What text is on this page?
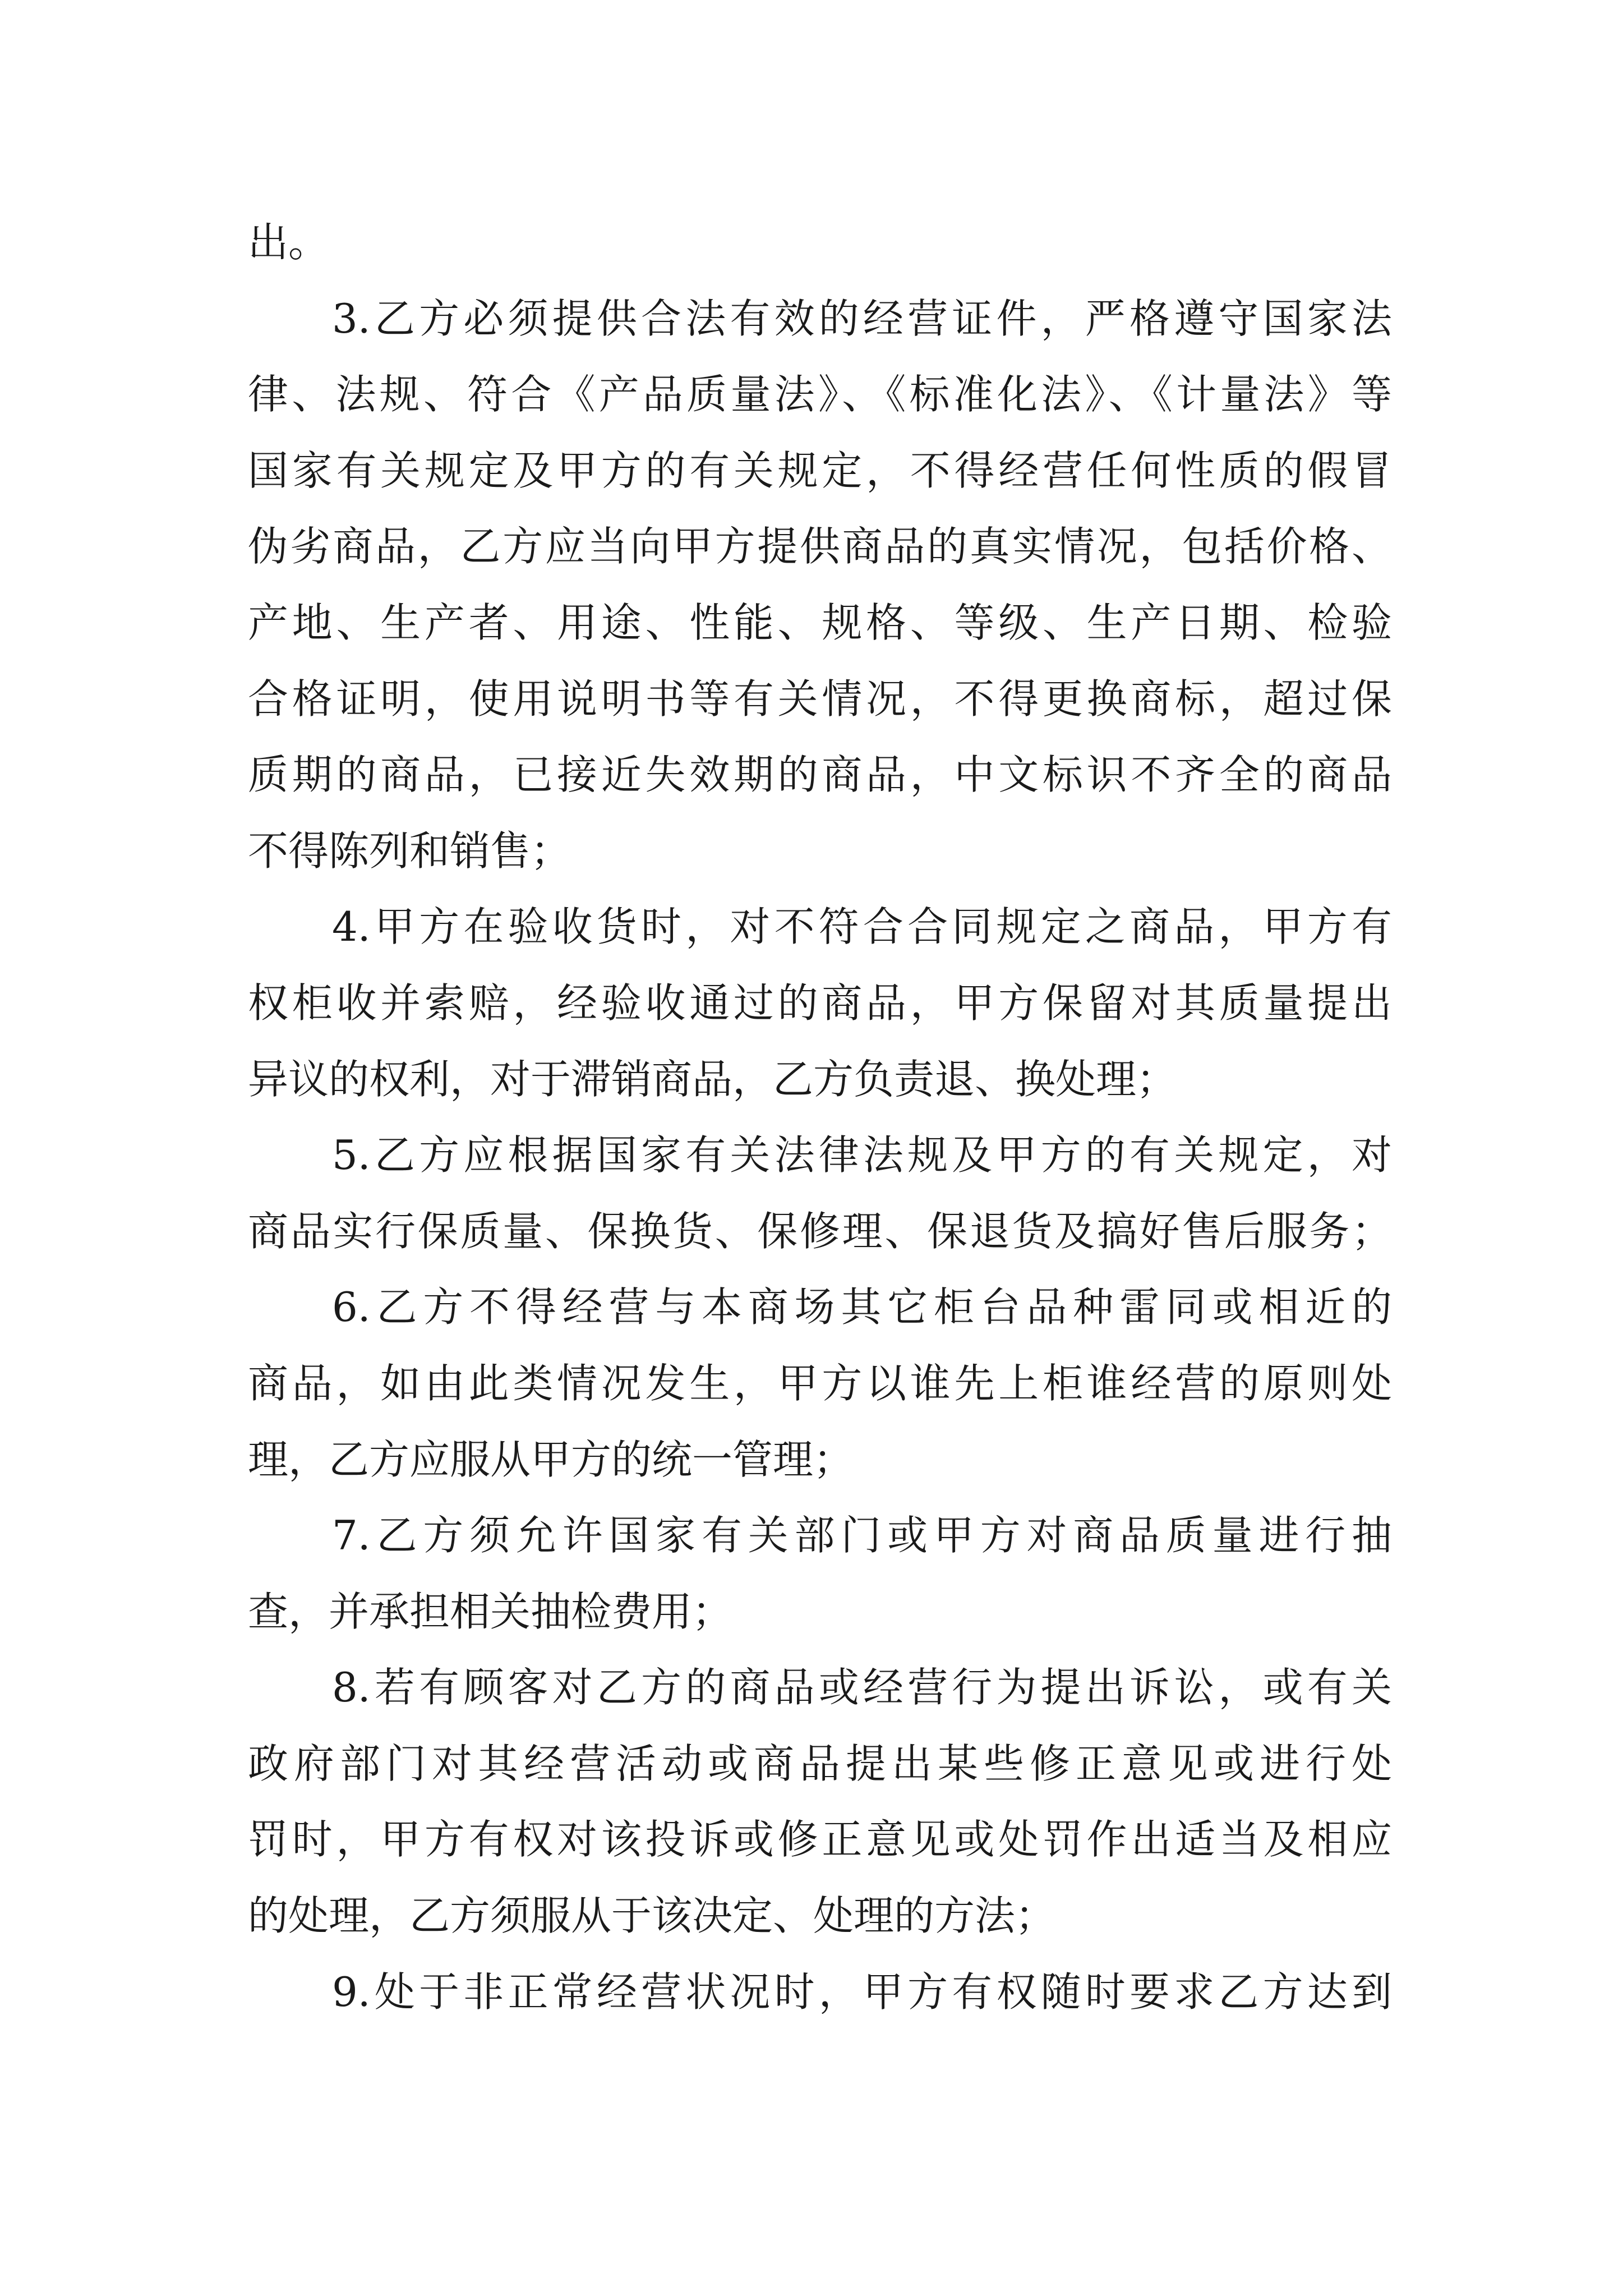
出。
3.乙方必须提供合法有效的经营证件，严格遵守国家法
律、法规、符合《产品质量法》、《标准化法》、《计量法》等
国家有关规定及甲方的有关规定，不得经营任何性质的假冒
伪劣商品，乙方应当向甲方提供商品的真实情况，包括价格、
产地、生产者、用途、性能、规格、等级、生产日期、检验
合格证明，使用说明书等有关情况，不得更换商标，超过保
质期的商品，已接近失效期的商品，中文标识不齐全的商品
不得陈列和销售；
4.甲方在验收货时，对不符合合同规定之商品，甲方有
权柜收并索赔，经验收通过的商品，甲方保留对其质量提出
异议的权利，对于滞销商品，乙方负责退、换处理；
5.乙方应根据国家有关法律法规及甲方的有关规定，对
商品实行保质量、保换货、保修理、保退货及搞好售后服务；
6.乙方不得经营与本商场其它柜台品种雷同或相近的
商品，如由此类情况发生，甲方以谁先上柜谁经营的原则处
理，乙方应服从甲方的统一管理；
7.乙方须允许国家有关部门或甲方对商品质量进行抽
查，并承担相关抽检费用；
8.若有顾客对乙方的商品或经营行为提出诉讼，或有关
政府部门对其经营活动或商品提出某些修正意见或进行处
罚时，甲方有权对该投诉或修正意见或处罚作出适当及相应
的处理，乙方须服从于该决定、处理的方法；
9.处于非正常经营状况时，甲方有权随时要求乙方达到
